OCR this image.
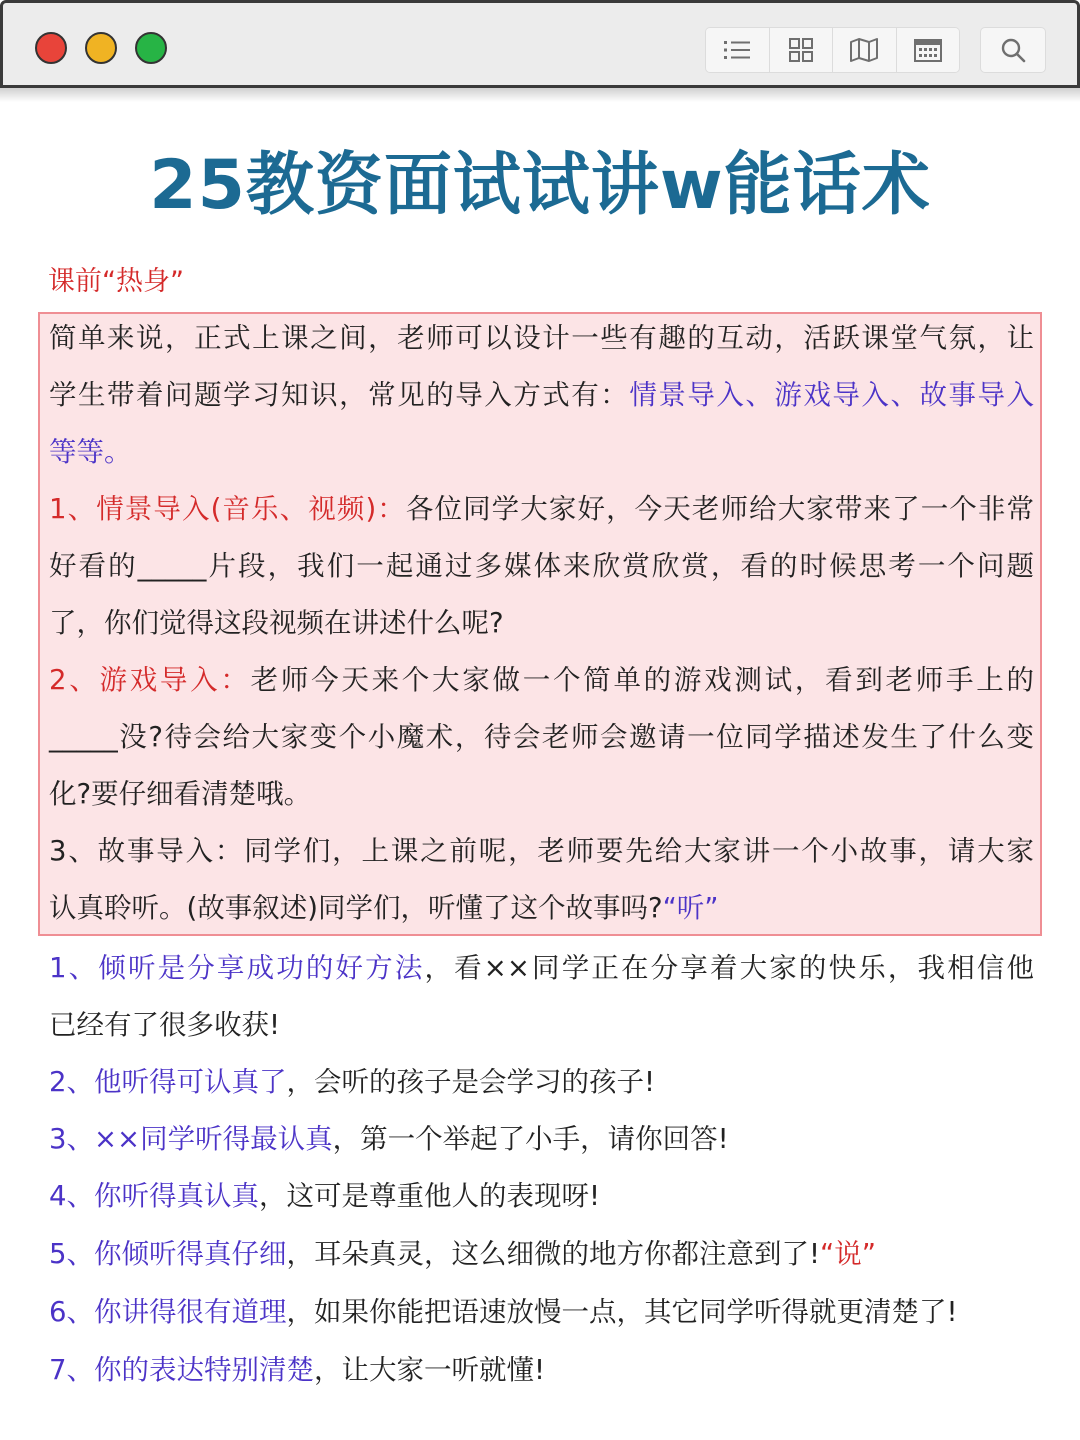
25教资面试试讲w能话术
课前“热身”
简单来说，正式上课之间，老师可以设计一些有趣的互动，活跃课堂气氛，让
学生带着问题学习知识，常见的导入方式有：情景导入、游戏导入、故事导入
等等。
1、情景导入(音乐、视频)：各位同学大家好，今天老师给大家带来了一个非常
好看的_____片段，我们一起通过多媒体来欣赏欣赏，看的时候思考一个问题
了，你们觉得这段视频在讲述什么呢?
2、游戏导入：老师今天来个大家做一个简单的游戏测试，看到老师手上的
_____没?待会给大家变个小魔术，待会老师会邀请一位同学描述发生了什么变
化?要仔细看清楚哦。
3、故事导入：同学们，上课之前呢，老师要先给大家讲一个小故事，请大家
认真聆听。(故事叙述)同学们，听懂了这个故事吗?“听”
1、倾听是分享成功的好方法，看××同学正在分享着大家的快乐，我相信他
已经有了很多收获!
2、他听得可认真了，会听的孩子是会学习的孩子!
3、××同学听得最认真，第一个举起了小手，请你回答!
4、你听得真认真，这可是尊重他人的表现呀!
5、你倾听得真仔细，耳朵真灵，这么细微的地方你都注意到了!“说”
6、你讲得很有道理，如果你能把语速放慢一点，其它同学听得就更清楚了!
7、你的表达特别清楚，让大家一听就懂!
